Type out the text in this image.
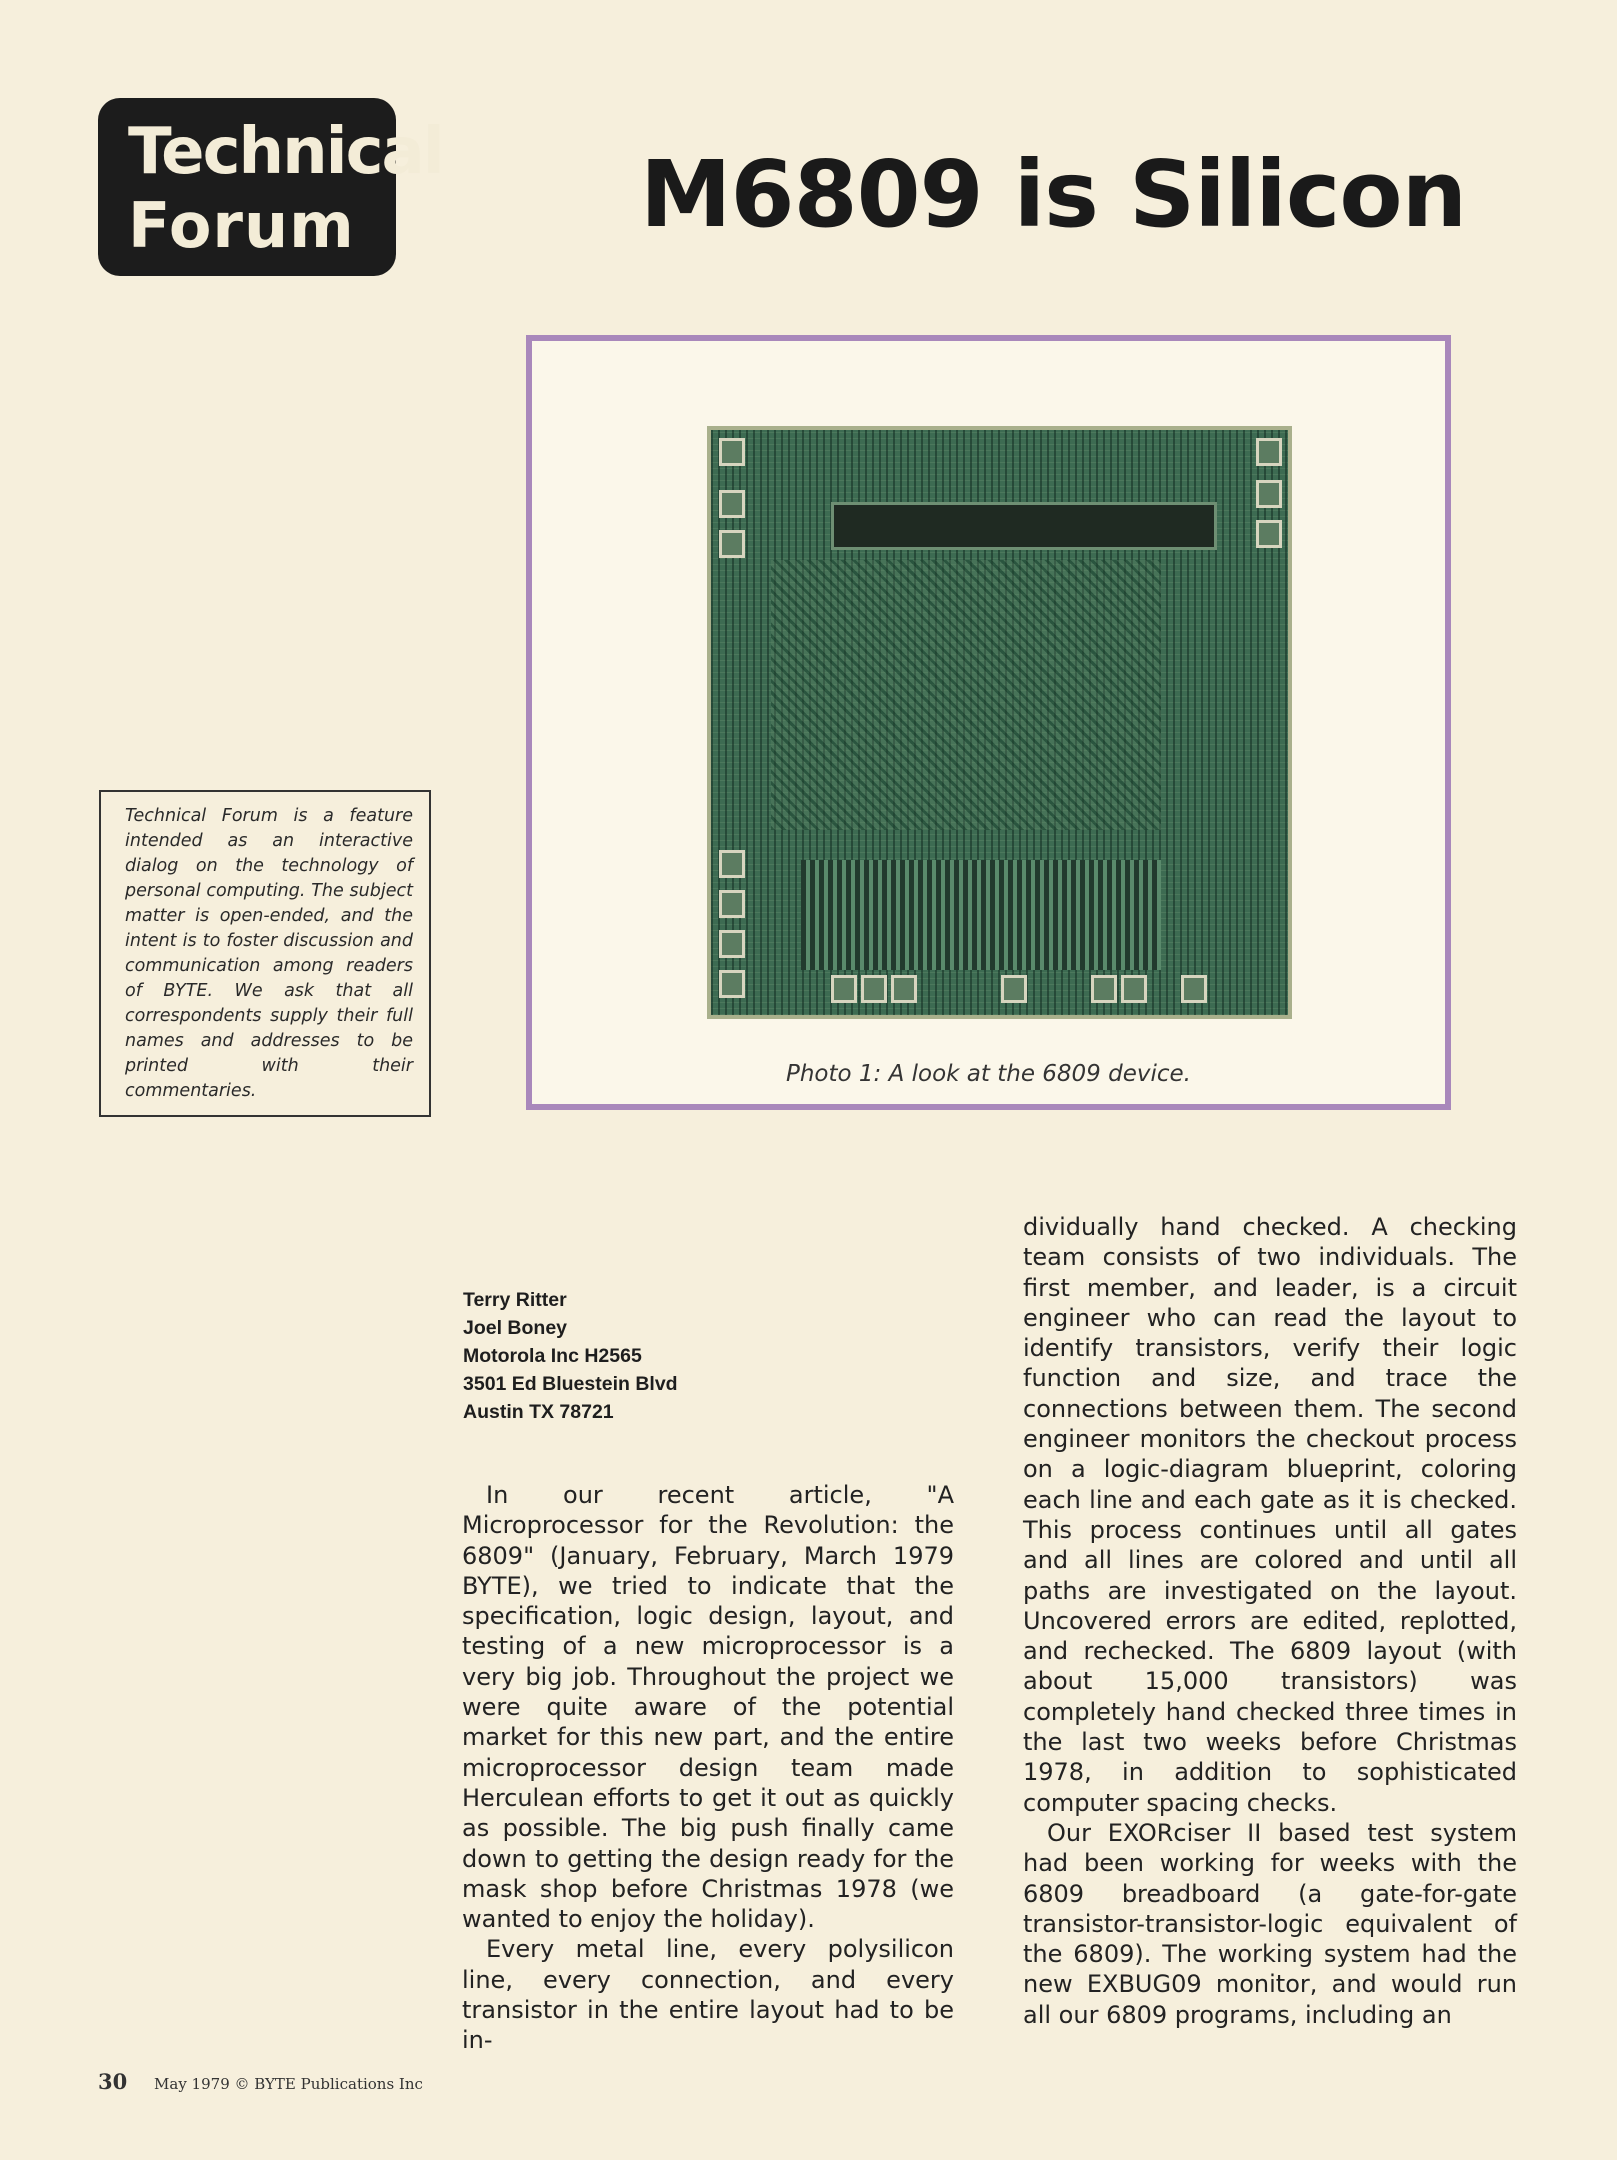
Technical
Forum	M6809 is Silicon
Photo 1: A look at the 6809 device.
Technical Forum is a feature intended as an interactive dialog on the technology of personal computing. The subject matter is open-ended, and the intent is to foster discussion and communication among readers of BYTE. We ask that all correspondents supply their full names and addresses to be printed with their commentaries.
Terry Ritter
Joel Boney
Motorola Inc H2565
3501 Ed Bluestein Blvd
Austin TX 78721

In our recent article, "A Microprocessor for the Revolution: the 6809" (January, February, March 1979 BYTE), we tried to indicate that the specification, logic design, layout, and testing of a new microprocessor is a very big job. Throughout the project we were quite aware of the potential market for this new part, and the entire microprocessor design team made Herculean efforts to get it out as quickly as possible. The big push finally came down to getting the design ready for the mask shop before Christmas 1978 (we wanted to enjoy the holiday).

Every metal line, every polysilicon line, every connection, and every transistor in the entire layout had to be in-

dividually hand checked. A checking team consists of two individuals. The first member, and leader, is a circuit engineer who can read the layout to identify transistors, verify their logic function and size, and trace the connections between them. The second engineer monitors the checkout process on a logic-diagram blueprint, coloring each line and each gate as it is checked. This process continues until all gates and all lines are colored and until all paths are investigated on the layout. Uncovered errors are edited, replotted, and rechecked. The 6809 layout (with about 15,000 transistors) was completely hand checked three times in the last two weeks before Christmas 1978, in addition to sophisticated computer spacing checks.

Our EXORciser II based test system had been working for weeks with the 6809 breadboard (a gate-for-gate transistor-transistor-logic equivalent of the 6809). The working system had the new EXBUG09 monitor, and would run all our 6809 programs, including an

30 May 1979 © BYTE Publications Inc
